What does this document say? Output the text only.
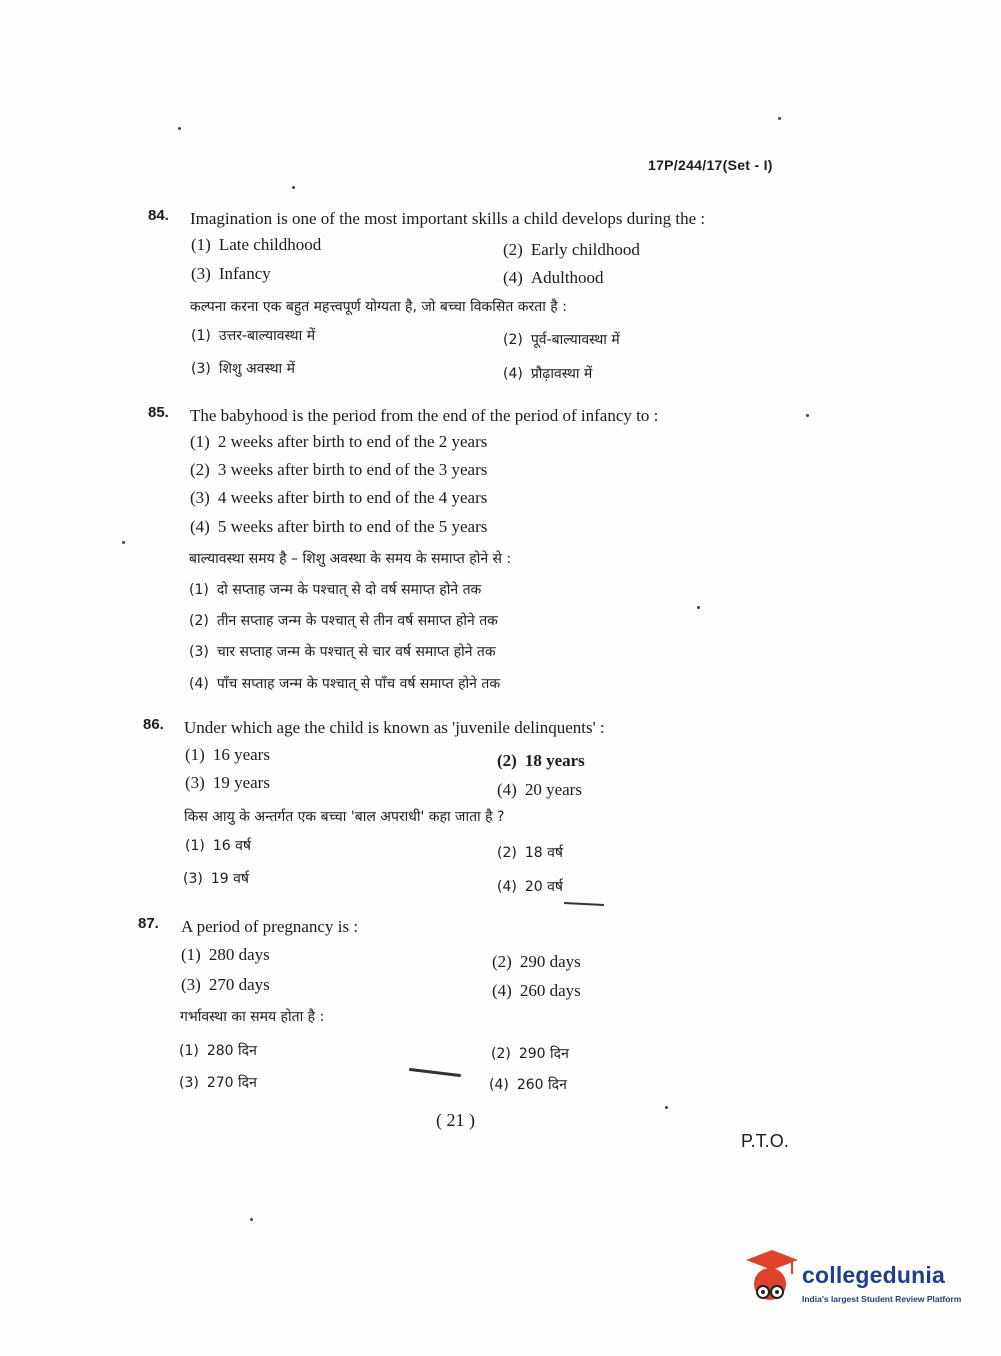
17P/244/17(Set - I)
84. Imagination is one of the most important skills a child develops during the :
(1) Late childhood	(2) Early childhood
(3) Infancy	(4) Adulthood
कल्पना करना एक बहुत महत्त्वपूर्ण योग्यता है, जो बच्चा विकसित करता है :
(1) उत्तर-बाल्यावस्था में	(2) पूर्व-बाल्यावस्था में
(3) शिशु अवस्था में	(4) प्रौढ़ावस्था में
85. The babyhood is the period from the end of the period of infancy to :
(1) 2 weeks after birth to end of the 2 years
(2) 3 weeks after birth to end of the 3 years
(3) 4 weeks after birth to end of the 4 years
(4) 5 weeks after birth to end of the 5 years
बाल्यावस्था समय है – शिशु अवस्था के समय के समाप्त होने से :
(1) दो सप्ताह जन्म के पश्चात् से दो वर्ष समाप्त होने तक
(2) तीन सप्ताह जन्म के पश्चात् से तीन वर्ष समाप्त होने तक
(3) चार सप्ताह जन्म के पश्चात् से चार वर्ष समाप्त होने तक
(4) पाँच सप्ताह जन्म के पश्चात् से पाँच वर्ष समाप्त होने तक
86. Under which age the child is known as 'juvenile delinquents' :
(1) 16 years	(2) 18 years
(3) 19 years	(4) 20 years
किस आयु के अन्तर्गत एक बच्चा 'बाल अपराधी' कहा जाता है ?
(1) 16 वर्ष	(2) 18 वर्ष
(3) 19 वर्ष	(4) 20 वर्ष
87. A period of pregnancy is :
(1) 280 days	(2) 290 days
(3) 270 days	(4) 260 days
गर्भावस्था का समय होता है :
(1) 280 दिन	(2) 290 दिन
(3) 270 दिन	(4) 260 दिन
( 21 )
P.T.O.
collegedunia
India's largest Student Review Platform
